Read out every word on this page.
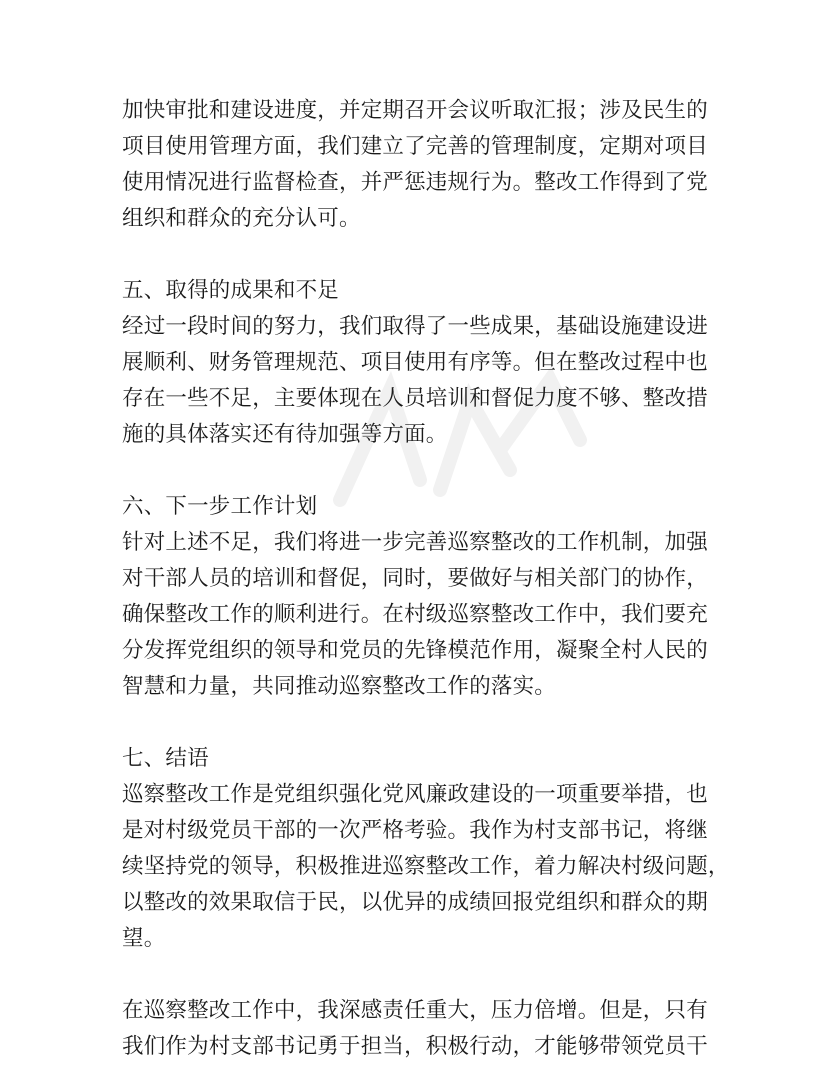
加快审批和建设进度，并定期召开会议听取汇报；涉及民生的
项目使用管理方面，我们建立了完善的管理制度，定期对项目
使用情况进行监督检查，并严惩违规行为。整改工作得到了党
组织和群众的充分认可。
五、取得的成果和不足
经过一段时间的努力，我们取得了一些成果，基础设施建设进
展顺利、财务管理规范、项目使用有序等。但在整改过程中也
存在一些不足，主要体现在人员培训和督促力度不够、整改措
施的具体落实还有待加强等方面。
六、下一步工作计划
针对上述不足，我们将进一步完善巡察整改的工作机制，加强
对干部人员的培训和督促，同时，要做好与相关部门的协作，
确保整改工作的顺利进行。在村级巡察整改工作中，我们要充
分发挥党组织的领导和党员的先锋模范作用，凝聚全村人民的
智慧和力量，共同推动巡察整改工作的落实。
七、结语
巡察整改工作是党组织强化党风廉政建设的一项重要举措，也
是对村级党员干部的一次严格考验。我作为村支部书记，将继
续坚持党的领导，积极推进巡察整改工作，着力解决村级问题，
以整改的效果取信于民，以优异的成绩回报党组织和群众的期
望。
在巡察整改工作中，我深感责任重大，压力倍增。但是，只有
我们作为村支部书记勇于担当，积极行动，才能够带领党员干
